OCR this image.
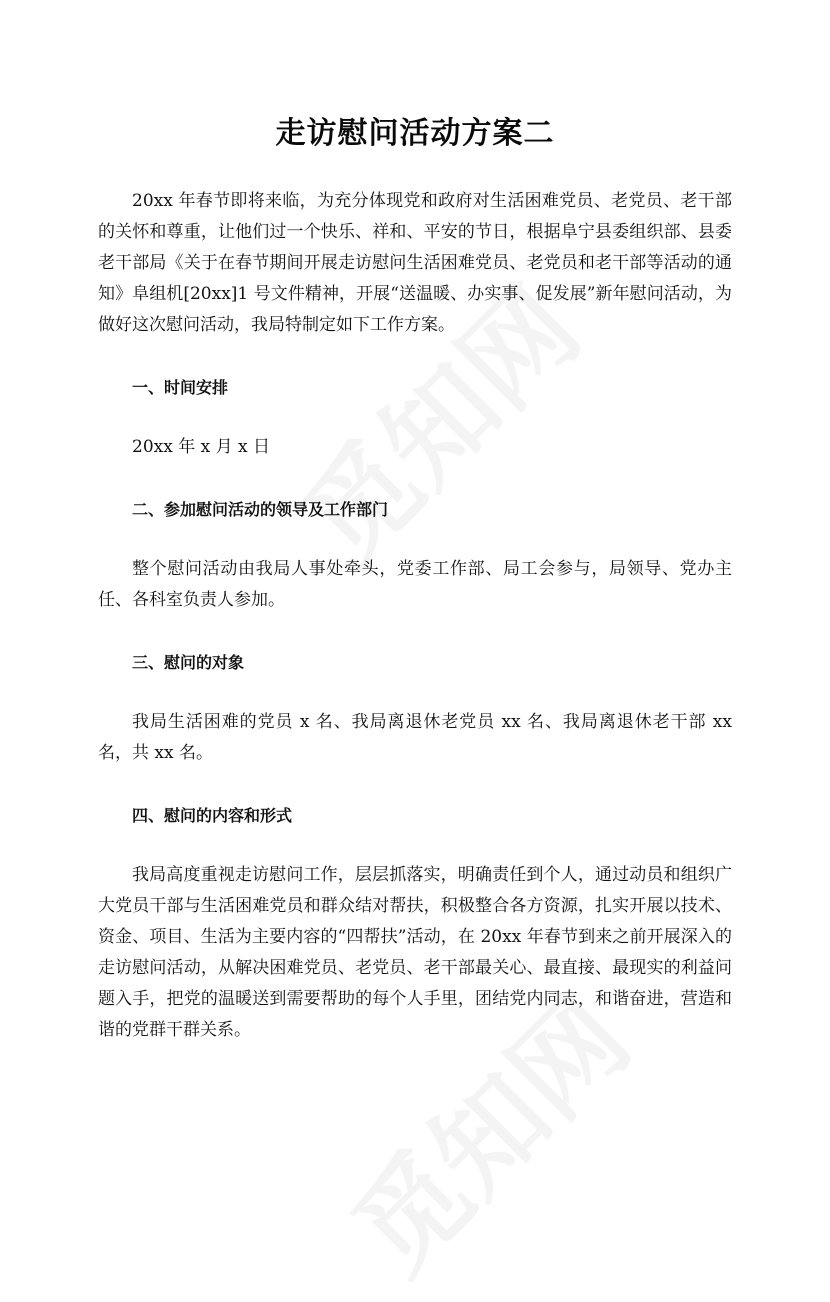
走访慰问活动方案二

20xx 年春节即将来临，为充分体现党和政府对生活困难党员、老党员、老干部的关怀和尊重，让他们过一个快乐、祥和、平安的节日，根据阜宁县委组织部、县委老干部局《关于在春节期间开展走访慰问生活困难党员、老党员和老干部等活动的通知》阜组机[20xx]1 号文件精神，开展“送温暖、办实事、促发展”新年慰问活动，为做好这次慰问活动，我局特制定如下工作方案。

一、时间安排

20xx 年 x 月 x 日

二、参加慰问活动的领导及工作部门

整个慰问活动由我局人事处牵头，党委工作部、局工会参与，局领导、党办主任、各科室负责人参加。

三、慰问的对象

我局生活困难的党员 x 名、我局离退休老党员 xx 名、我局离退休老干部 xx 名，共 xx 名。

四、慰问的内容和形式

我局高度重视走访慰问工作，层层抓落实，明确责任到个人，通过动员和组织广大党员干部与生活困难党员和群众结对帮扶，积极整合各方资源，扎实开展以技术、资金、项目、生活为主要内容的“四帮扶”活动，在 20xx 年春节到来之前开展深入的走访慰问活动，从解决困难党员、老党员、老干部最关心、最直接、最现实的利益问题入手，把党的温暖送到需要帮助的每个人手里，团结党内同志，和谐奋进，营造和谐的党群干群关系。
